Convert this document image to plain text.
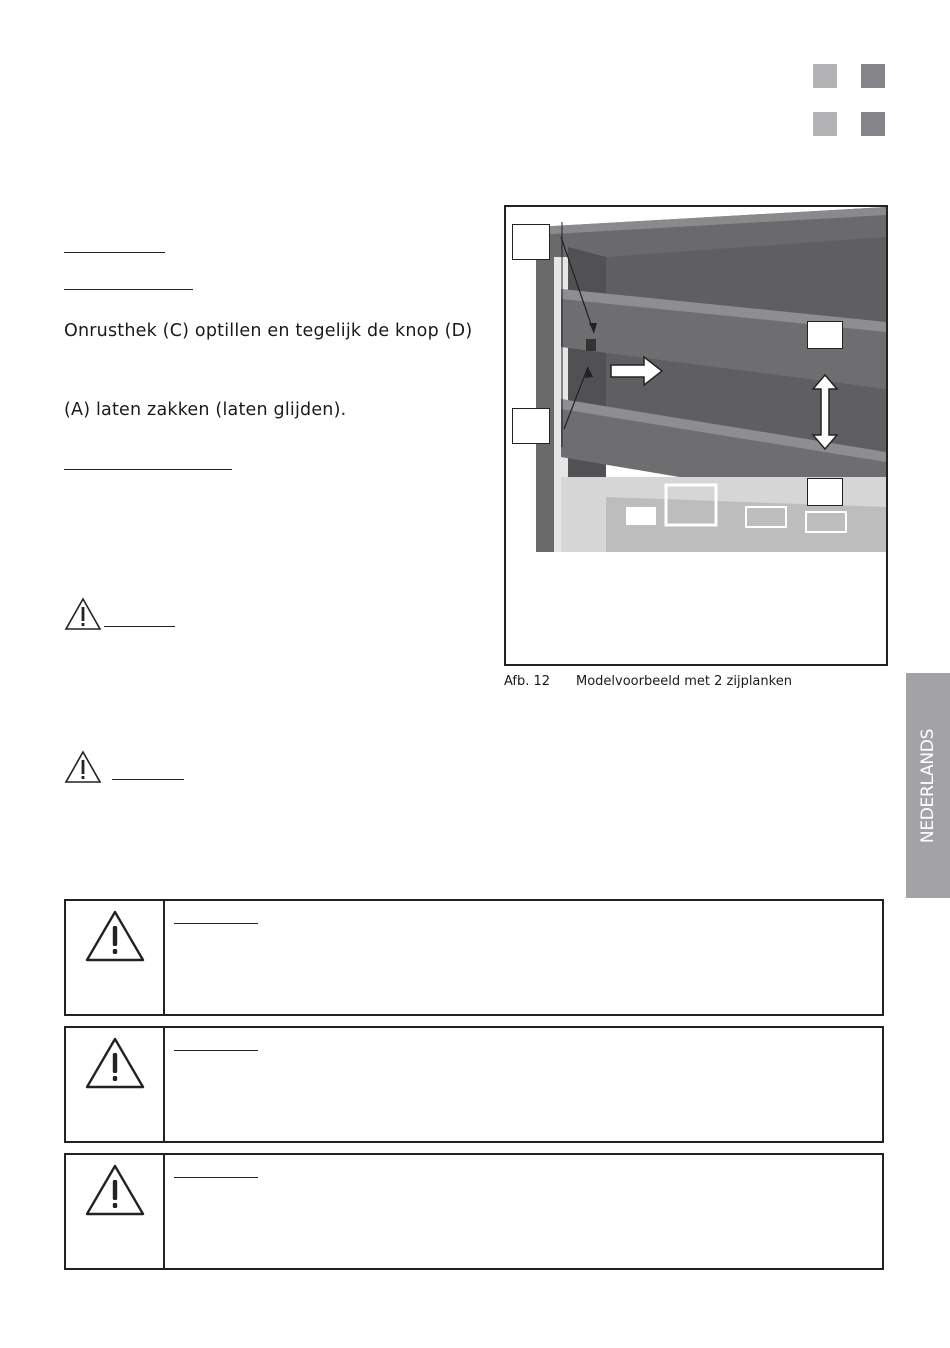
Onrusthek (C) optillen en tegelijk de knop (D)
(A) laten zakken (laten glijden).
Afb. 12 Modelvoorbeeld met 2 zijplanken
NEDERLANDS
